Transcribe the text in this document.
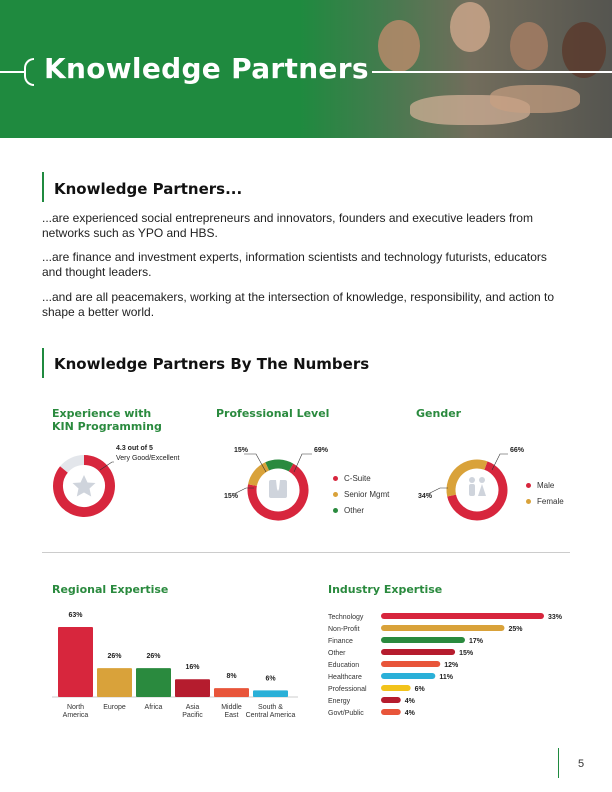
Knowledge Partners
Knowledge Partners...
...are experienced social entrepreneurs and innovators, founders and executive leaders from networks such as YPO and HBS.
...are finance and investment experts, information scientists and technology futurists, educators and thought leaders.
...and are all peacemakers, working at the intersection of knowledge, responsibility, and action to shape a better world.
Knowledge Partners By The Numbers
Experience with
KIN Programming
4.3 out of 5
Very Good/Excellent
Professional Level
15%	69%
15%
C-Suite
Senior Mgmt
Other
Gender
66%
34%
Male
Female
Regional Expertise
63%
North
America
26%
Europe
26%
Africa
16%
Asia
Pacific
8%
Middle
East
6%
South &
Central America
Industry Expertise
Technology	33%
Non-Profit	25%
Finance	17%
Other	15%
Education	12%
Healthcare	11%
Professional	6%
Energy	4%
Govt/Public	4%
5
